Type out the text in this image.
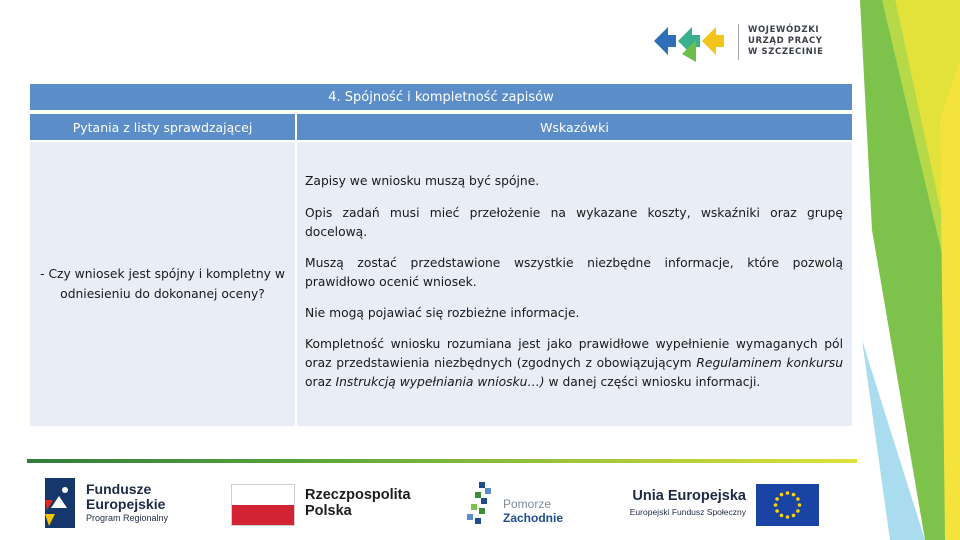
WOJEWÓDZKI
URZĄD PRACY
W SZCZECINIE
4. Spójność i kompletność zapisów
Pytania z listy sprawdzającej	Wskazówki
- Czy wniosek jest spójny i kompletny w odniesieniu do dokonanej oceny?

Zapisy we wniosku muszą być spójne.

Opis zadań musi mieć przełożenie na wykazane koszty, wskaźniki oraz grupę docelową.

Muszą zostać przedstawione wszystkie niezbędne informacje, które pozwolą prawidłowo ocenić wniosek.

Nie mogą pojawiać się rozbieżne informacje.

Kompletność wniosku rozumiana jest jako prawidłowe wypełnienie wymaganych pól oraz przedstawienia niezbędnych (zgodnych z obowiązującym Regulaminem konkursu oraz Instrukcją wypełniania wniosku…) w danej części wniosku informacji.

Fundusze
Europejskie
Program Regionalny
Rzeczpospolita
Polska	Pomorze
Zachodnie
Unia Europejska
Europejski Fundusz Społeczny
